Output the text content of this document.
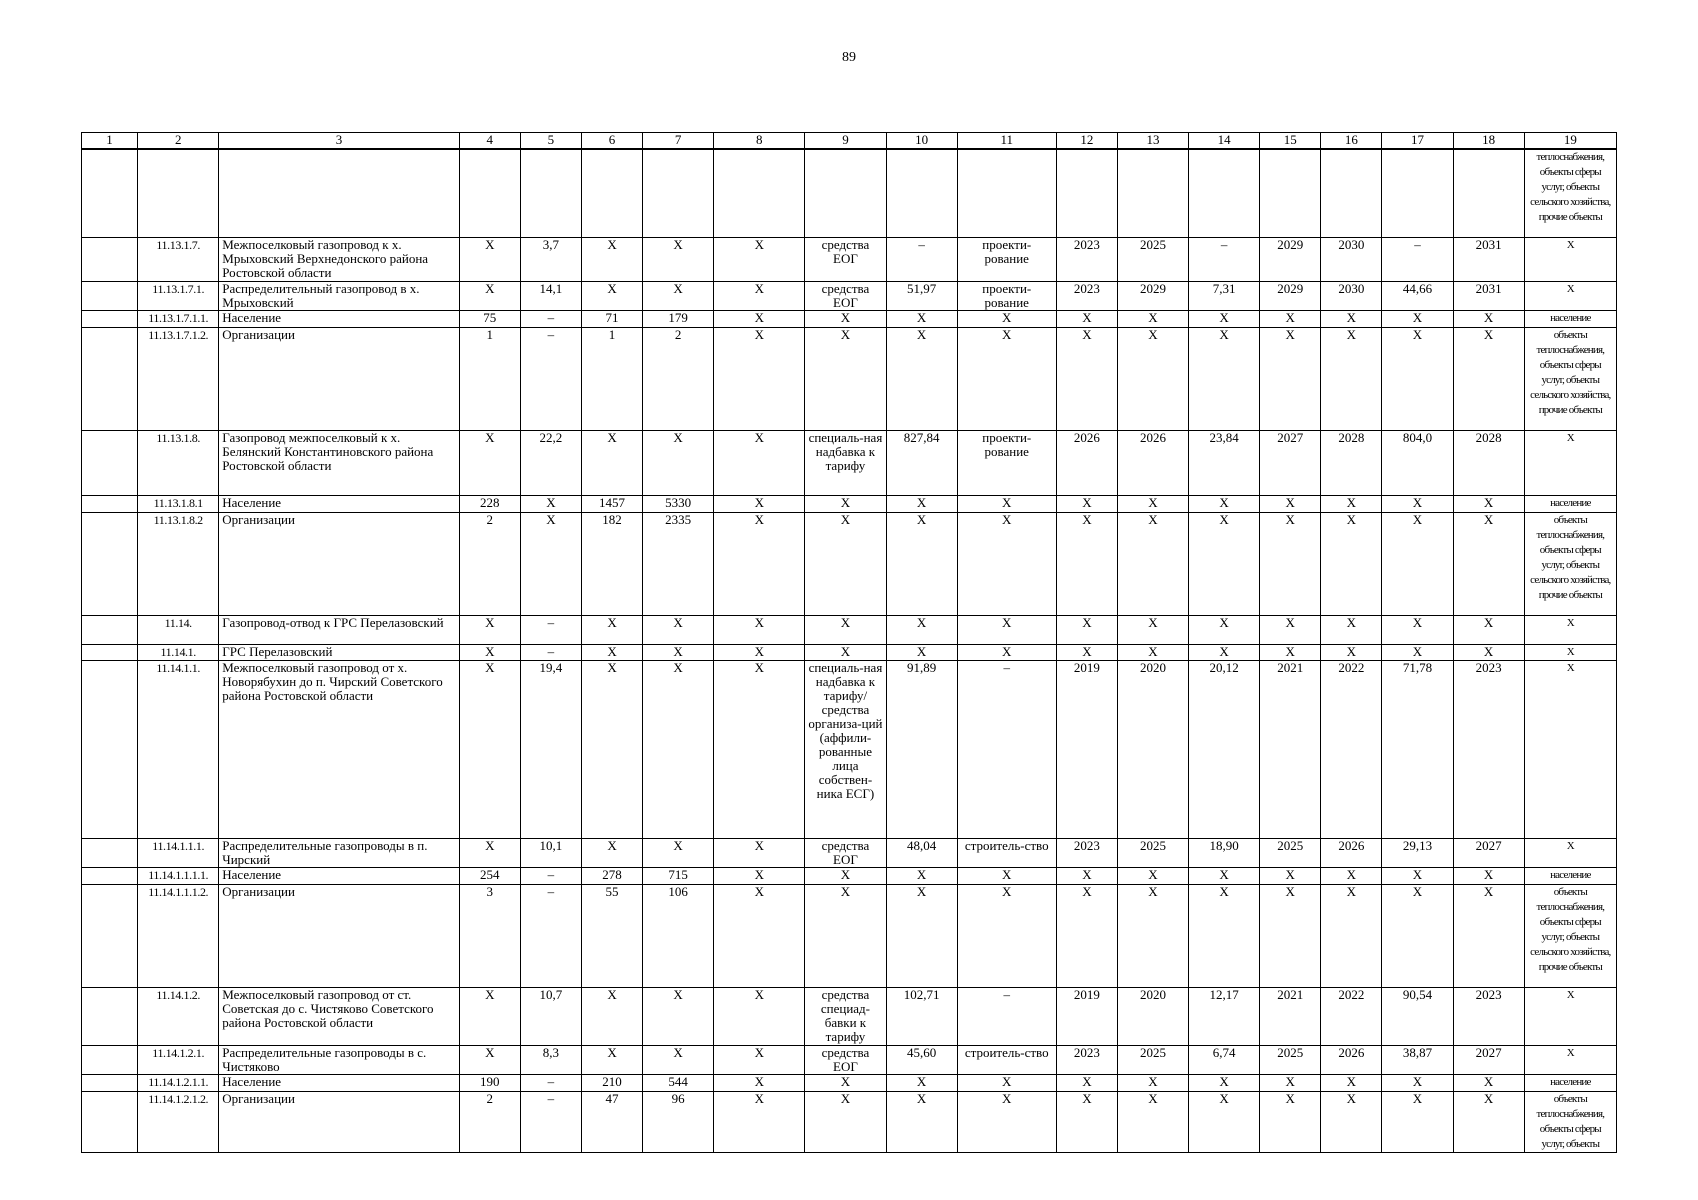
89
1	2	3	4	5	6	7	8	9	10	11	12	13	14	15	16	17	18	19
																		теплоснабжения, объекты сферы услуг, объекты сельского хозяйства, прочие объекты
	11.13.1.7.	Межпоселковый газопровод к х. Мрыховский Верхнедонского района Ростовской области	X	3,7	X	X	X	средства ЕОГ	–	проекти-рование	2023	2025	–	2029	2030	–	2031	X
	11.13.1.7.1.	Распределительный газопровод в х. Мрыховский	X	14,1	X	X	X	средства ЕОГ	51,97	проекти-рование	2023	2029	7,31	2029	2030	44,66	2031	X
	11.13.1.7.1.1.	Население	75	–	71	179	X	X	X	X	X	X	X	X	X	X	X	население
	11.13.1.7.1.2.	Организации	1	–	1	2	X	X	X	X	X	X	X	X	X	X	X	объекты теплоснабжения, объекты сферы услуг, объекты сельского хозяйства, прочие объекты
	11.13.1.8.	Газопровод межпоселковый к х. Белянский Константиновского района Ростовской области	X	22,2	X	X	X	специаль-ная надбавка к тарифу	827,84	проекти-рование	2026	2026	23,84	2027	2028	804,0	2028	X
	11.13.1.8.1	Население	228	X	1457	5330	X	X	X	X	X	X	X	X	X	X	X	население
	11.13.1.8.2	Организации	2	X	182	2335	X	X	X	X	X	X	X	X	X	X	X	объекты теплоснабжения, объекты сферы услуг, объекты сельского хозяйства, прочие объекты
	11.14.	Газопровод-отвод к ГРС Перелазовский	X	–	X	X	X	X	X	X	X	X	X	X	X	X	X	X
	11.14.1.	ГРС Перелазовский	X	–	X	X	X	X	X	X	X	X	X	X	X	X	X	X
	11.14.1.1.	Межпоселковый газопровод от х. Новорябухин до п. Чирский Советского района Ростовской области	X	19,4	X	X	X	специаль-ная надбавка к тарифу/ средства организа-ций (аффили-рованные лица собствен-ника ЕСГ)	91,89	–	2019	2020	20,12	2021	2022	71,78	2023	X
	11.14.1.1.1.	Распределительные газопроводы в п. Чирский	X	10,1	X	X	X	средства ЕОГ	48,04	строитель-ство	2023	2025	18,90	2025	2026	29,13	2027	X
	11.14.1.1.1.1.	Население	254	–	278	715	X	X	X	X	X	X	X	X	X	X	X	население
	11.14.1.1.1.2.	Организации	3	–	55	106	X	X	X	X	X	X	X	X	X	X	X	объекты теплоснабжения, объекты сферы услуг, объекты сельского хозяйства, прочие объекты
	11.14.1.2.	Межпоселковый газопровод от ст. Советская до с. Чистяково Советского района Ростовской области	X	10,7	X	X	X	средства специад-бавки к тарифу	102,71	–	2019	2020	12,17	2021	2022	90,54	2023	X
	11.14.1.2.1.	Распределительные газопроводы в с. Чистяково	X	8,3	X	X	X	средства ЕОГ	45,60	строитель-ство	2023	2025	6,74	2025	2026	38,87	2027	X
	11.14.1.2.1.1.	Население	190	–	210	544	X	X	X	X	X	X	X	X	X	X	X	население
	11.14.1.2.1.2.	Организации	2	–	47	96	X	X	X	X	X	X	X	X	X	X	X	объекты теплоснабжения, объекты сферы услуг, объекты
